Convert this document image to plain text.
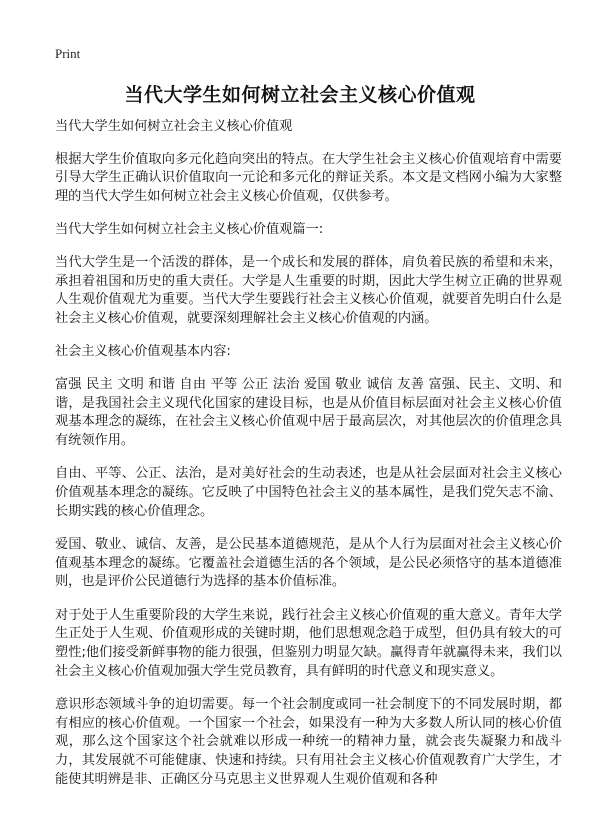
Print
当代大学生如何树立社会主义核心价值观

当代大学生如何树立社会主义核心价值观

根据大学生价值取向多元化趋向突出的特点。在大学生社会主义核心价值观培育中需要引导大学生正确认识价值取向一元论和多元化的辩证关系。本文是文档网小编为大家整理的当代大学生如何树立社会主义核心价值观，仅供参考。

当代大学生如何树立社会主义核心价值观篇一:

当代大学生是一个活泼的群体，是一个成长和发展的群体，肩负着民族的希望和未来，承担着祖国和历史的重大责任。大学是人生重要的时期，因此大学生树立正确的世界观人生观价值观尤为重要。当代大学生要践行社会主义核心价值观，就要首先明白什么是社会主义核心价值观，就要深刻理解社会主义核心价值观的内涵。

社会主义核心价值观基本内容:

富强 民主 文明 和谐 自由 平等 公正 法治 爱国 敬业 诚信 友善 富强、民主、文明、和谐，是我国社会主义现代化国家的建设目标，也是从价值目标层面对社会主义核心价值观基本理念的凝练，在社会主义核心价值观中居于最高层次，对其他层次的价值理念具有统领作用。

自由、平等、公正、法治，是对美好社会的生动表述，也是从社会层面对社会主义核心价值观基本理念的凝练。它反映了中国特色社会主义的基本属性，是我们党矢志不渝、长期实践的核心价值理念。

爱国、敬业、诚信、友善，是公民基本道德规范，是从个人行为层面对社会主义核心价值观基本理念的凝练。它覆盖社会道德生活的各个领域，是公民必须恪守的基本道德准则，也是评价公民道德行为选择的基本价值标准。

对于处于人生重要阶段的大学生来说，践行社会主义核心价值观的重大意义。青年大学生正处于人生观、价值观形成的关键时期，他们思想观念趋于成型，但仍具有较大的可塑性;他们接受新鲜事物的能力很强，但鉴别力明显欠缺。赢得青年就赢得未来，我们以社会主义核心价值观加强大学生党员教育，具有鲜明的时代意义和现实意义。

意识形态领域斗争的迫切需要。每一个社会制度或同一社会制度下的不同发展时期，都有相应的核心价值观。一个国家一个社会，如果没有一种为大多数人所认同的核心价值观，那么这个国家这个社会就难以形成一种统一的精神力量，就会丧失凝聚力和战斗力，其发展就不可能健康、快速和持续。只有用社会主义核心价值观教育广大学生，才能使其明辨是非、正确区分马克思主义世界观人生观价值观和各种
